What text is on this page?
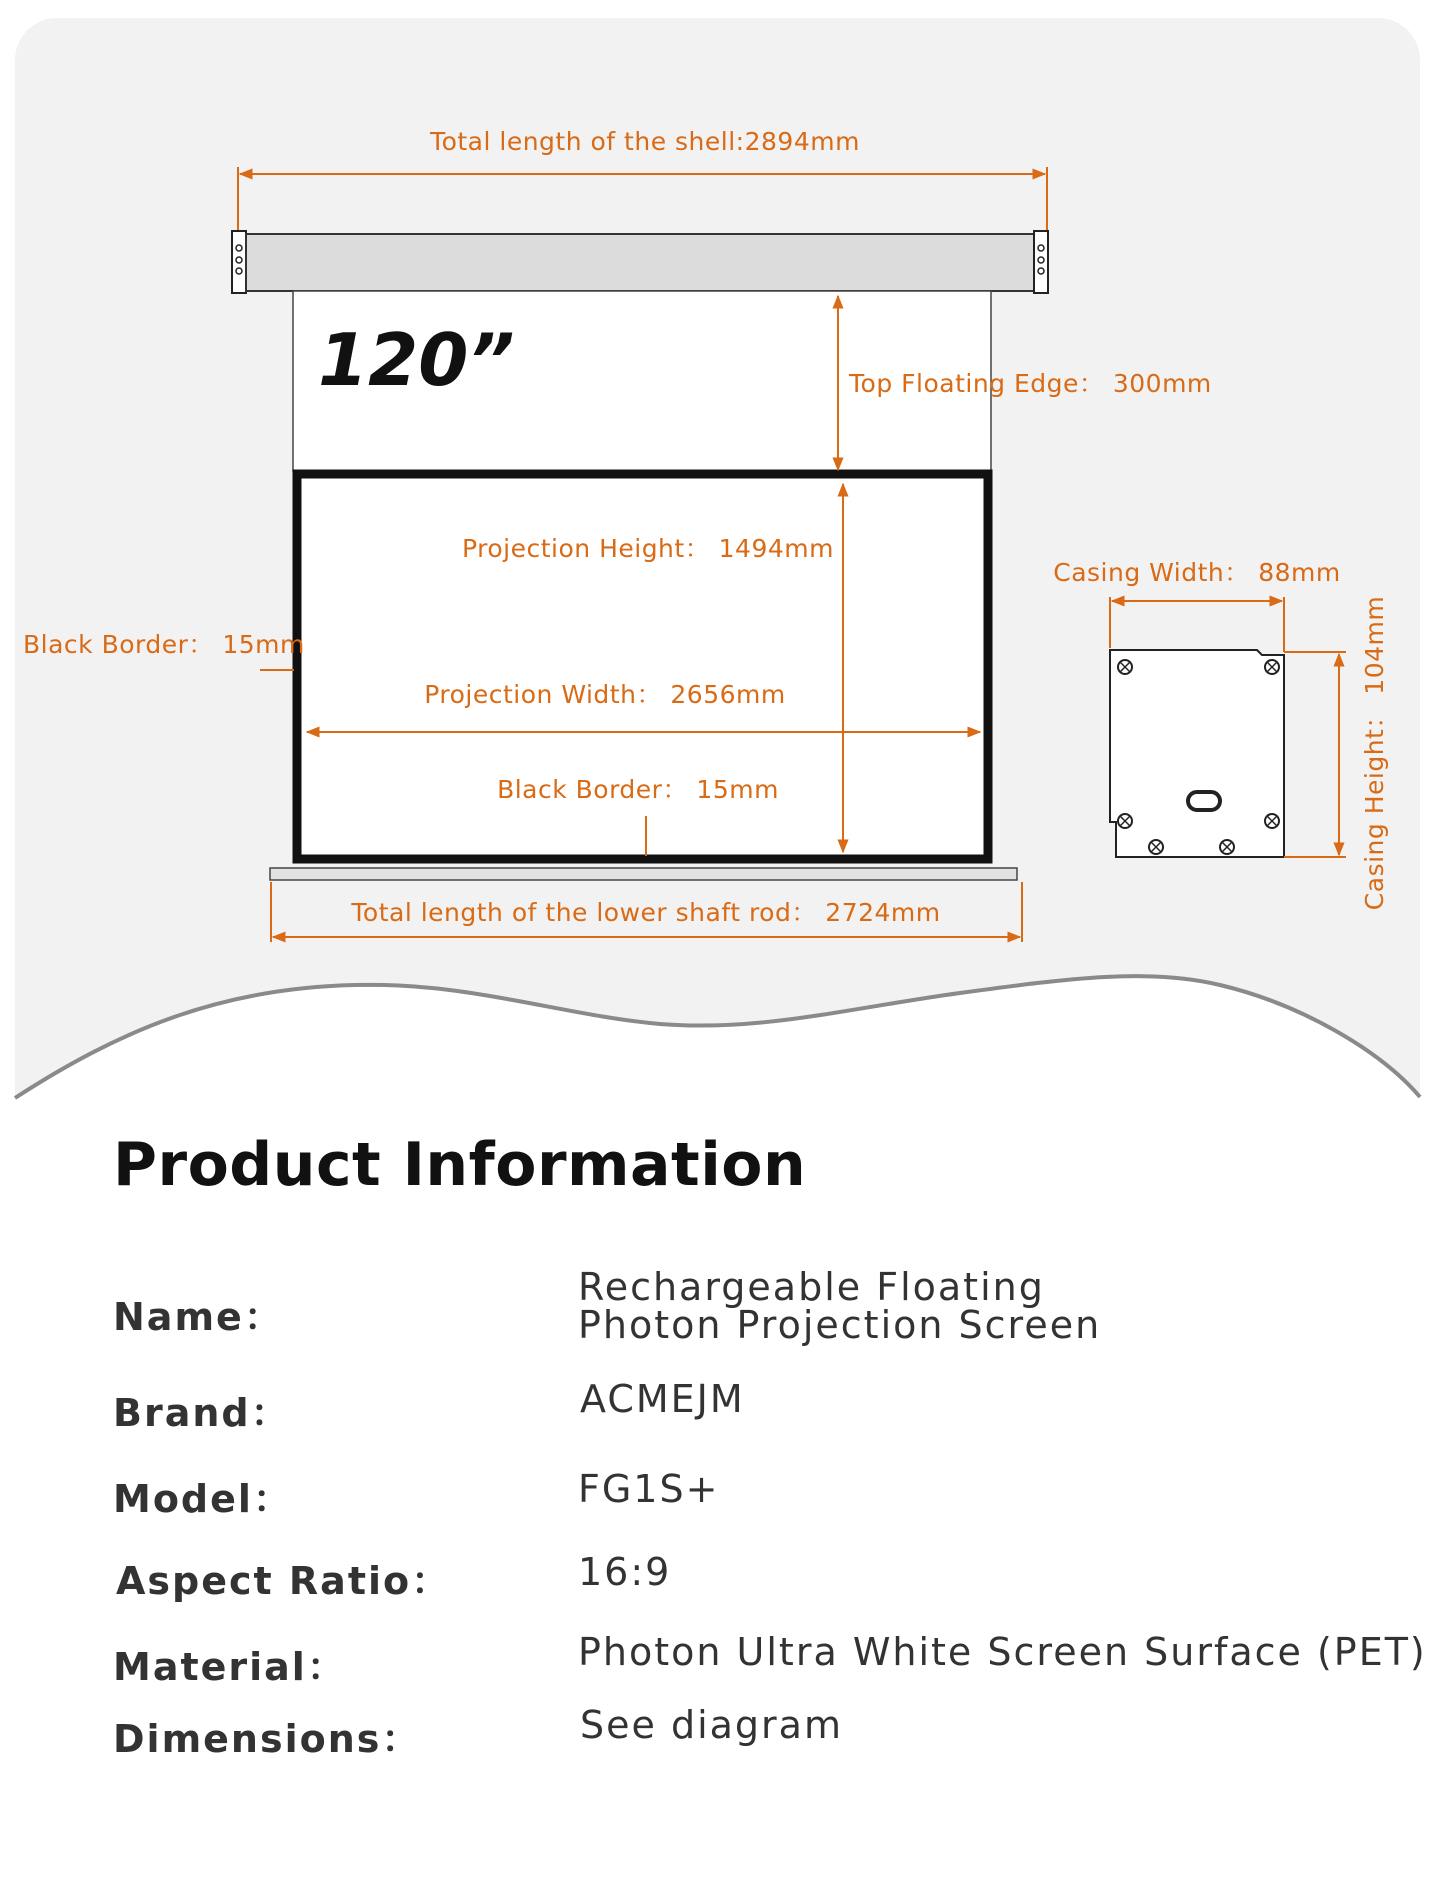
Total length of the shell:2894mm
120”	Top Floating Edge： 300mm
Projection Height： 1494mm
Black Border： 15mm
Projection Width： 2656mm
Black Border： 15mm
Total length of the lower shaft rod： 2724mm
Casing Width： 88mm
Casing Height： 104mm
Product Information
Name：
Rechargeable Floating
Photon Projection Screen
Brand：	ACMEJM
Model：	FG1S+
Aspect Ratio：	16:9
Material：	Photon Ultra White Screen Surface (PET)
Dimensions：	See diagram
